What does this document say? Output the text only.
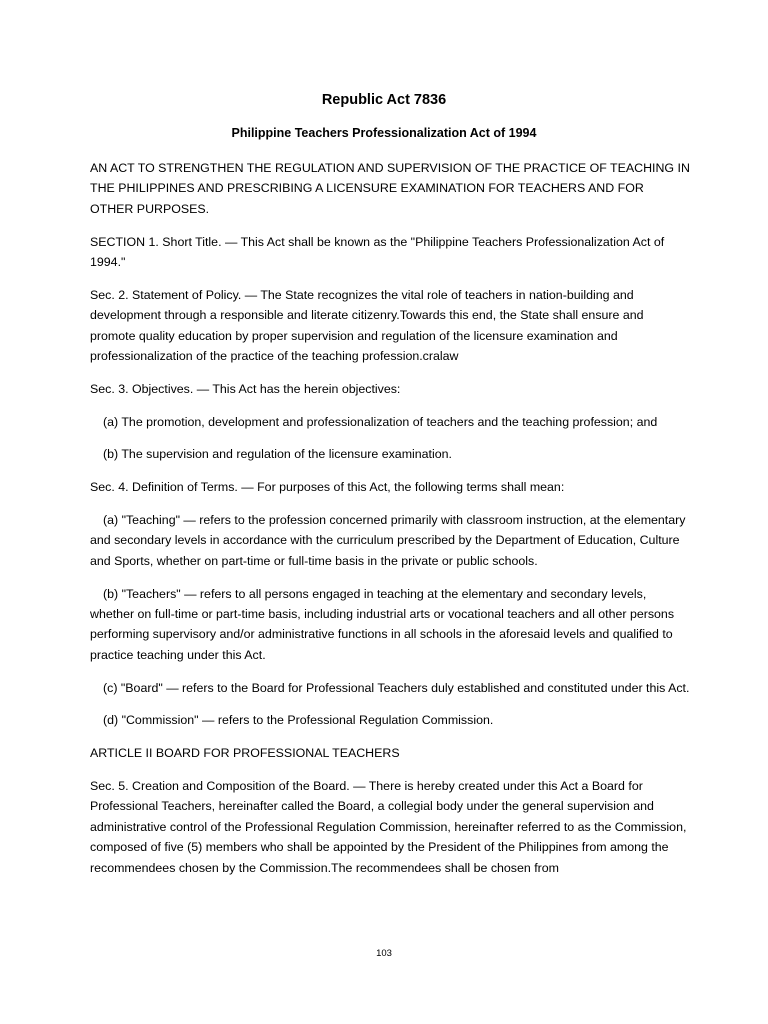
Republic Act 7836
Philippine Teachers Professionalization Act of 1994

AN ACT TO STRENGTHEN THE REGULATION AND SUPERVISION OF THE PRACTICE OF TEACHING IN THE PHILIPPINES AND PRESCRIBING A LICENSURE EXAMINATION FOR TEACHERS AND FOR OTHER PURPOSES.

SECTION 1. Short Title. — This Act shall be known as the "Philippine Teachers Professionalization Act of 1994."

Sec. 2. Statement of Policy. — The State recognizes the vital role of teachers in nation-building and development through a responsible and literate citizenry.Towards this end, the State shall ensure and promote quality education by proper supervision and regulation of the licensure examination and professionalization of the practice of the teaching profession.cralaw

Sec. 3. Objectives. — This Act has the herein objectives:

(a) The promotion, development and professionalization of teachers and the teaching profession; and

(b) The supervision and regulation of the licensure examination.

Sec. 4. Definition of Terms. — For purposes of this Act, the following terms shall mean:

(a) "Teaching" — refers to the profession concerned primarily with classroom instruction, at the elementary and secondary levels in accordance with the curriculum prescribed by the Department of Education, Culture and Sports, whether on part-time or full-time basis in the private or public schools.

(b) "Teachers" — refers to all persons engaged in teaching at the elementary and secondary levels, whether on full-time or part-time basis, including industrial arts or vocational teachers and all other persons performing supervisory and/or administrative functions in all schools in the aforesaid levels and qualified to practice teaching under this Act.

(c) "Board" — refers to the Board for Professional Teachers duly established and constituted under this Act.

(d) "Commission" — refers to the Professional Regulation Commission.

ARTICLE II BOARD FOR PROFESSIONAL TEACHERS

Sec. 5. Creation and Composition of the Board. — There is hereby created under this Act a Board for Professional Teachers, hereinafter called the Board, a collegial body under the general supervision and administrative control of the Professional Regulation Commission, hereinafter referred to as the Commission, composed of five (5) members who shall be appointed by the President of the Philippines from among the recommendees chosen by the Commission.The recommendees shall be chosen from

103
